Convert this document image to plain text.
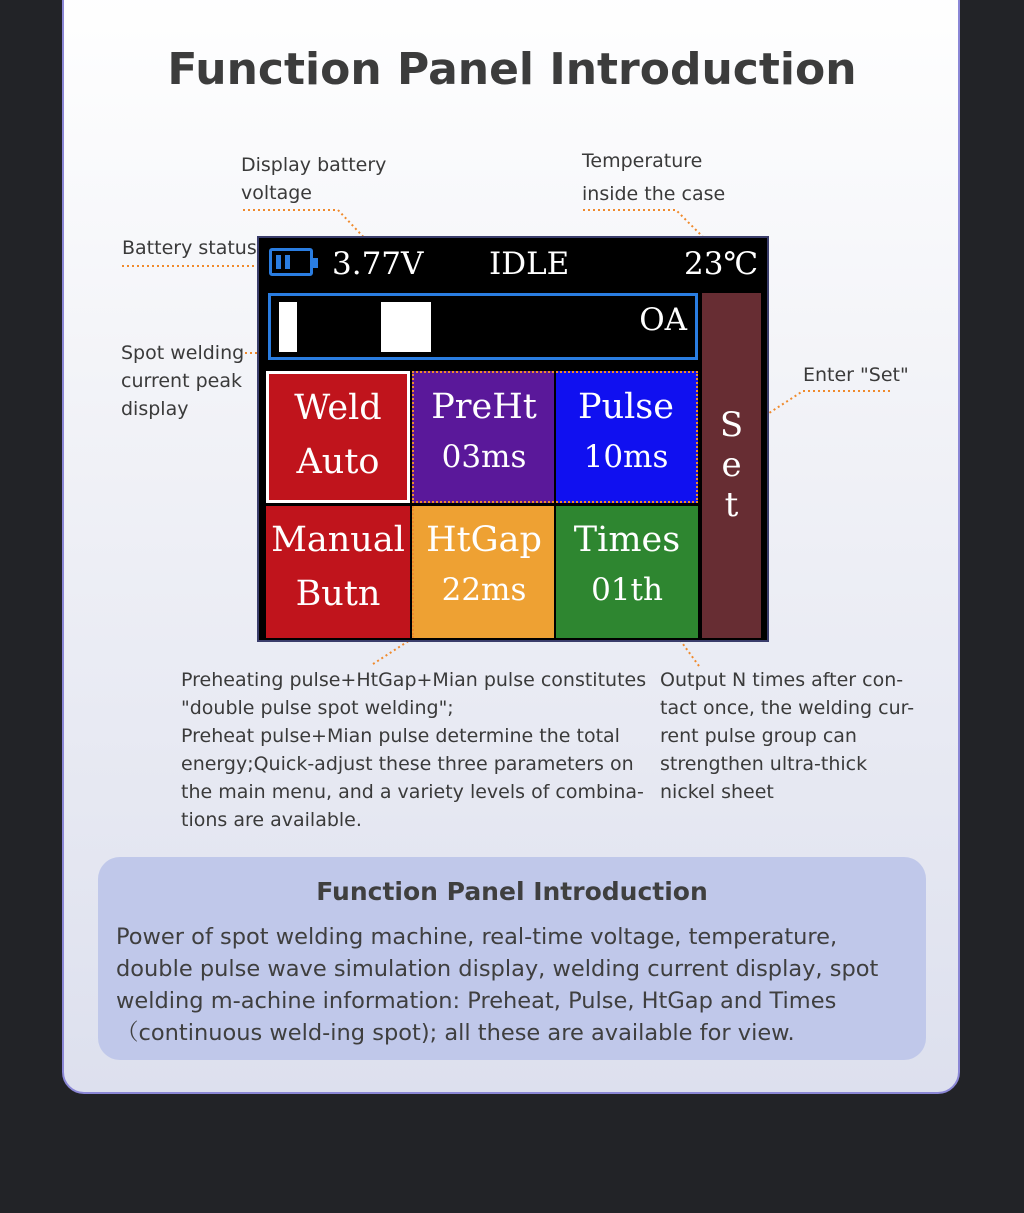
Function Panel Introduction

Display battery

voltage

Temperature

inside the case

Battery status

Spot welding

current peak

display

Enter "Set"

Preheating pulse+HtGap+Mian pulse constitutes

"double pulse spot welding";

Preheat pulse+Mian pulse determine the total

energy;Quick-adjust these three parameters on

the main menu, and a variety levels of combina-

tions are available.

Output N times after con-

tact once, the welding cur-

rent pulse group can

strengthen ultra-thick

nickel sheet

3.77V IDLE	23℃
OA
Weld
Auto
PreHt
03ms
Pulse
10ms
Manual
Butn
HtGap
22ms
Times
01th
S
e
t
Function Panel Introduction

Power of spot welding machine, real-time voltage, temperature, double pulse wave simulation display, welding current display, spot welding m-achine information: Preheat, Pulse, HtGap and Times（continuous weld-ing spot); all these are available for view.
